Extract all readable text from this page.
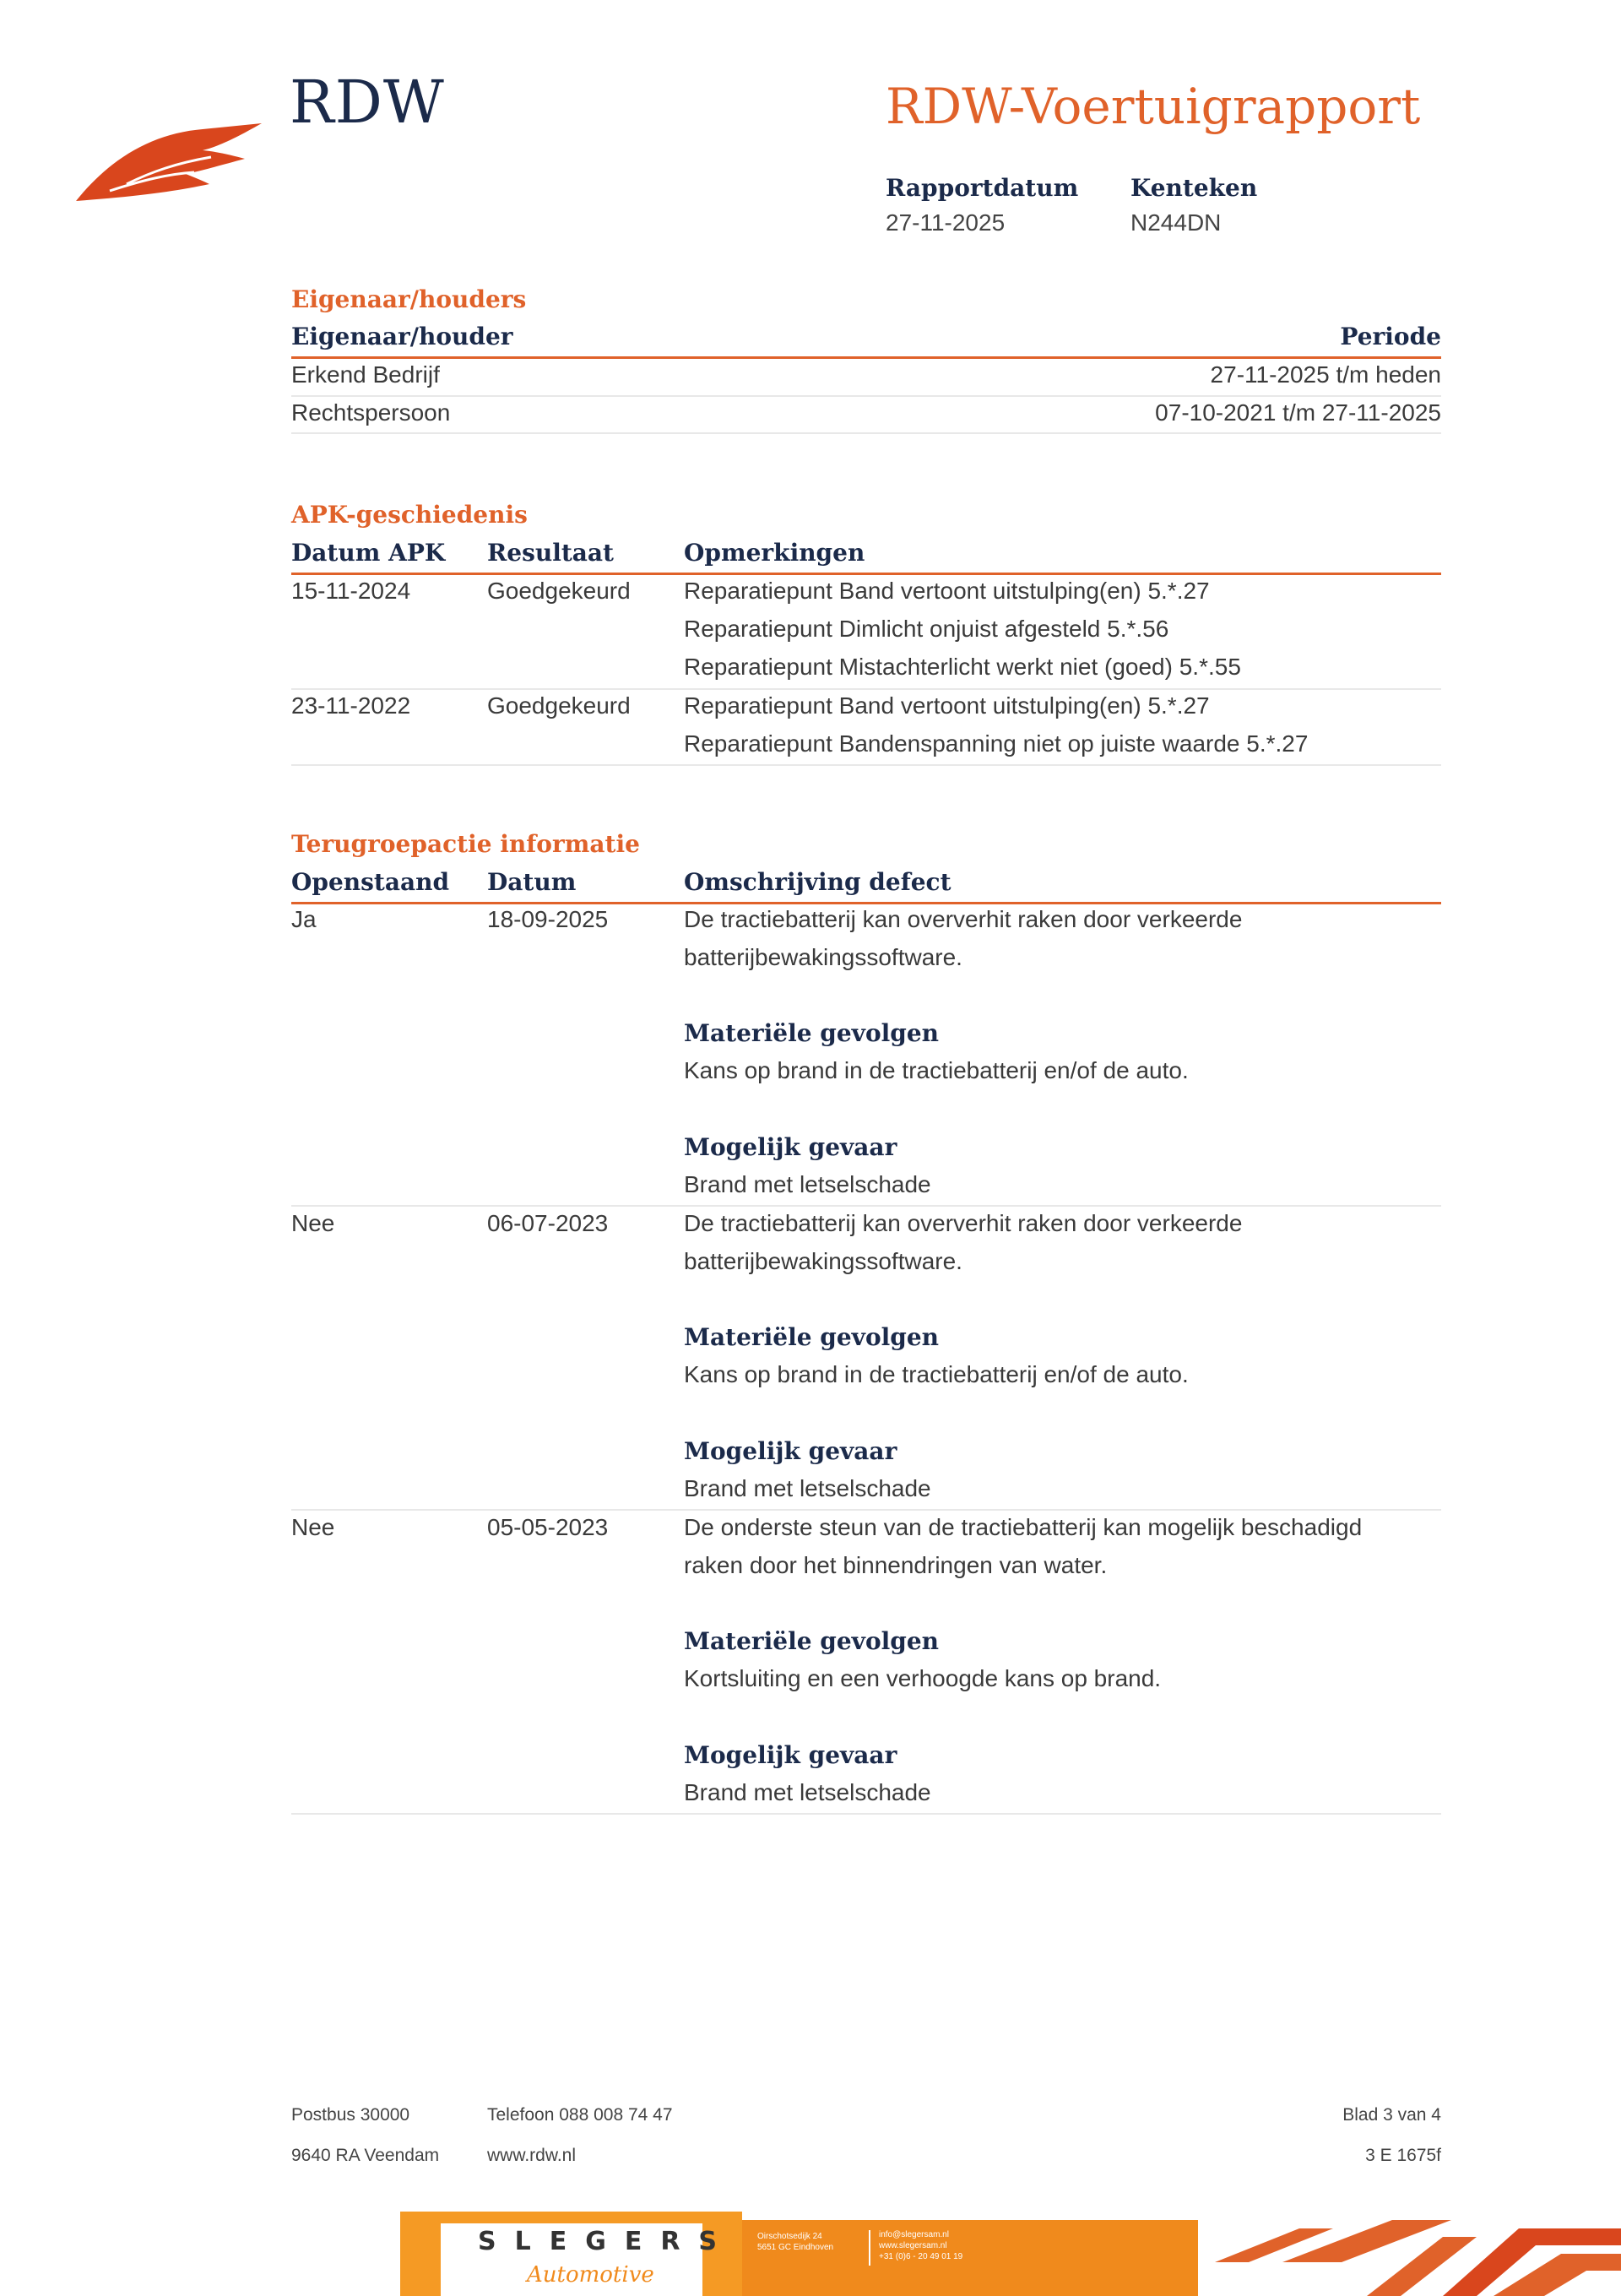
RDW	RDW-Voertuigrapport
Rapportdatum
27-11-2025
Kenteken
N244DN
Eigenaar/houders
Eigenaar/houder	Periode
Erkend Bedrijf	27-11-2025 t/m heden
Rechtspersoon	07-10-2021 t/m 27-11-2025
APK-geschiedenis
Datum APK Resultaat	Opmerkingen
15-11-2024	Goedgekeurd Reparatiepunt Band vertoont uitstulping(en) 5.*.27
Reparatiepunt Dimlicht onjuist afgesteld 5.*.56
Reparatiepunt Mistachterlicht werkt niet (goed) 5.*.55
23-11-2022	Goedgekeurd Reparatiepunt Band vertoont uitstulping(en) 5.*.27
Reparatiepunt Bandenspanning niet op juiste waarde 5.*.27
Terugroepactie informatie
Openstaand Datum	Omschrijving defect
Ja	18-09-2025	De tractiebatterij kan oververhit raken door verkeerde
batterijbewakingssoftware.
Materiële gevolgen
Kans op brand in de tractiebatterij en/of de auto.
Mogelijk gevaar
Brand met letselschade
Nee	06-07-2023	De tractiebatterij kan oververhit raken door verkeerde
batterijbewakingssoftware.
Materiële gevolgen
Kans op brand in de tractiebatterij en/of de auto.
Mogelijk gevaar
Brand met letselschade
Nee	05-05-2023	De onderste steun van de tractiebatterij kan mogelijk beschadigd
raken door het binnendringen van water.
Materiële gevolgen
Kortsluiting en een verhoogde kans op brand.
Mogelijk gevaar
Brand met letselschade
Postbus 30000
9640 RA Veendam
Telefoon 088 008 74 47
www.rdw.nl
Blad 3 van 4
3 E 1675f
SLEGERS
Automotive
Oirschotsedijk 24
5651 GC Eindhoven
info@slegersam.nl
www.slegersam.nl
+31 (0)6 - 20 49 01 19
